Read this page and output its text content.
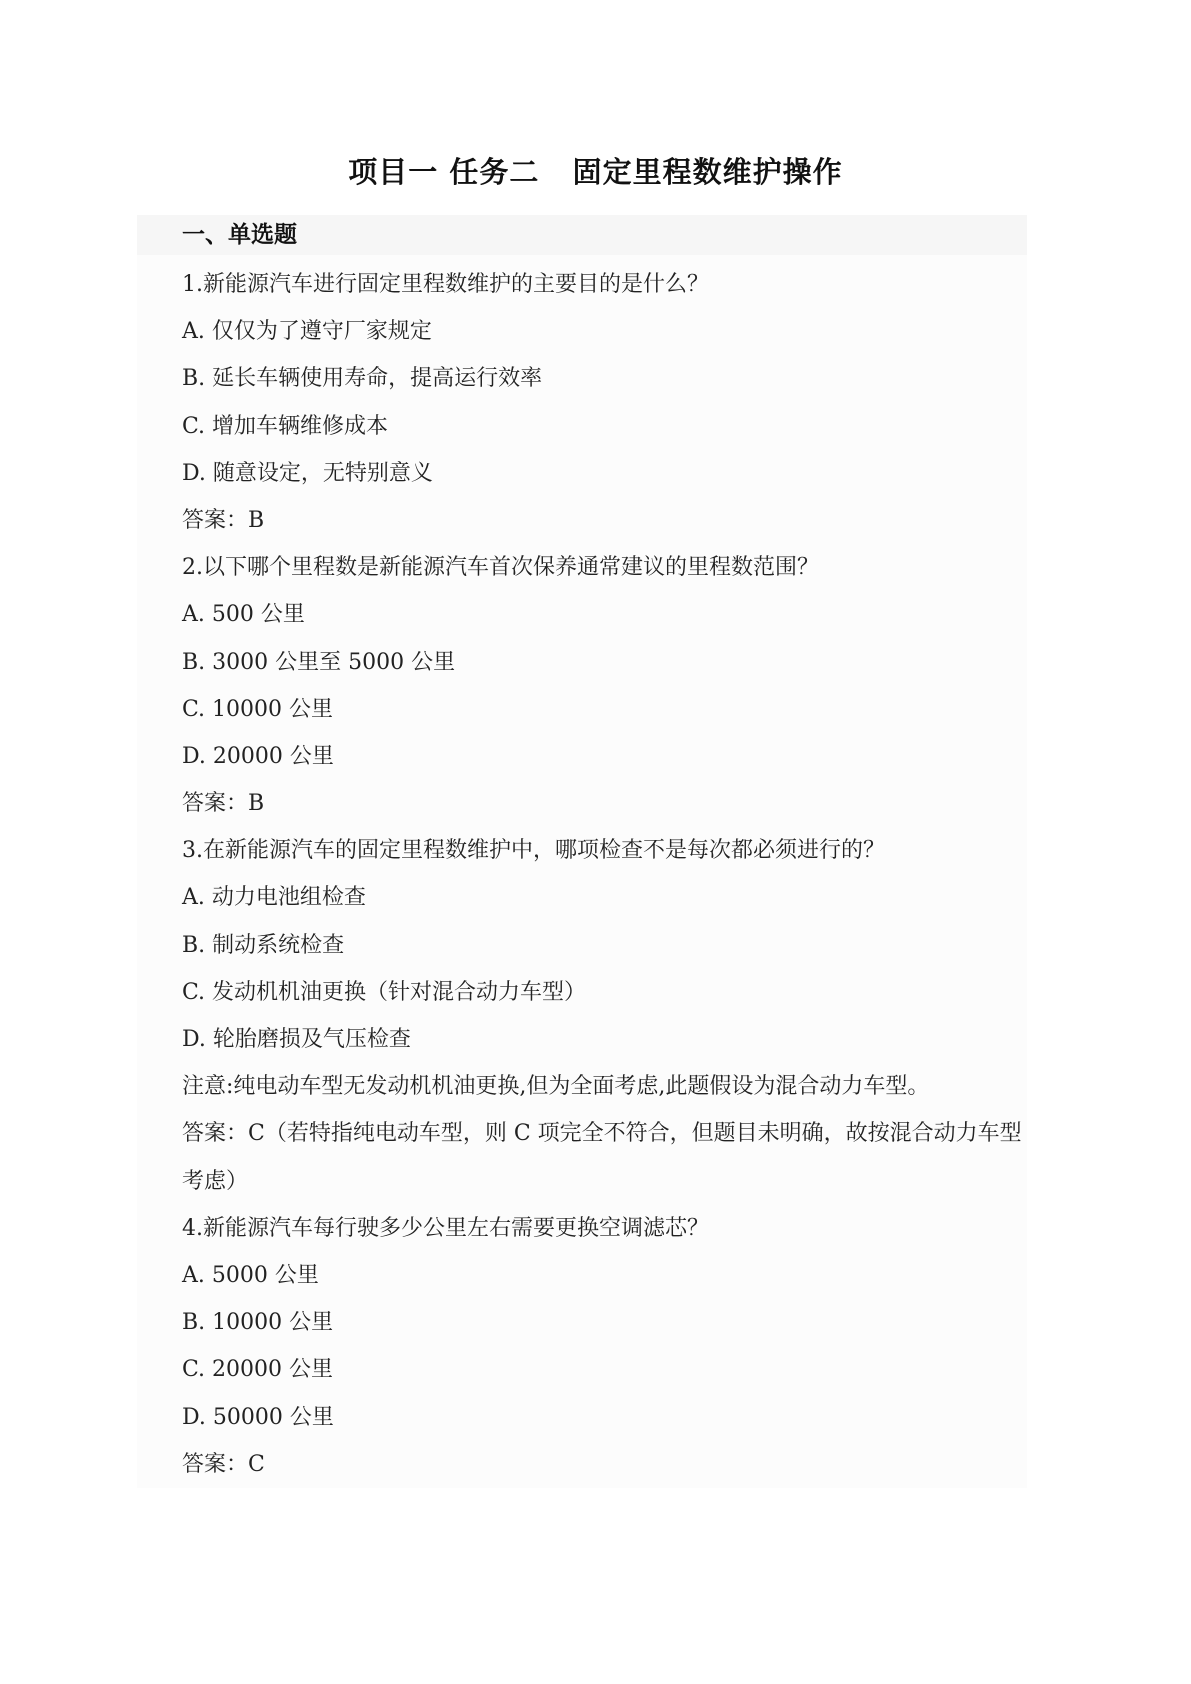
项目一 任务二   固定里程数维护操作
一、单选题
1.新能源汽车进行固定里程数维护的主要目的是什么？
A. 仅仅为了遵守厂家规定
B. 延长车辆使用寿命，提高运行效率
C. 增加车辆维修成本
D. 随意设定，无特别意义
答案：B
2.以下哪个里程数是新能源汽车首次保养通常建议的里程数范围？
A. 500 公里
B. 3000 公里至 5000 公里
C. 10000 公里
D. 20000 公里
答案：B
3.在新能源汽车的固定里程数维护中，哪项检查不是每次都必须进行的？
A. 动力电池组检查
B. 制动系统检查
C. 发动机机油更换（针对混合动力车型）
D. 轮胎磨损及气压检查
注意:纯电动车型无发动机机油更换,但为全面考虑,此题假设为混合动力车型。
答案：C（若特指纯电动车型，则 C 项完全不符合，但题目未明确，故按混合动力车型考虑）
4.新能源汽车每行驶多少公里左右需要更换空调滤芯？
A. 5000 公里
B. 10000 公里
C. 20000 公里
D. 50000 公里
答案：C
